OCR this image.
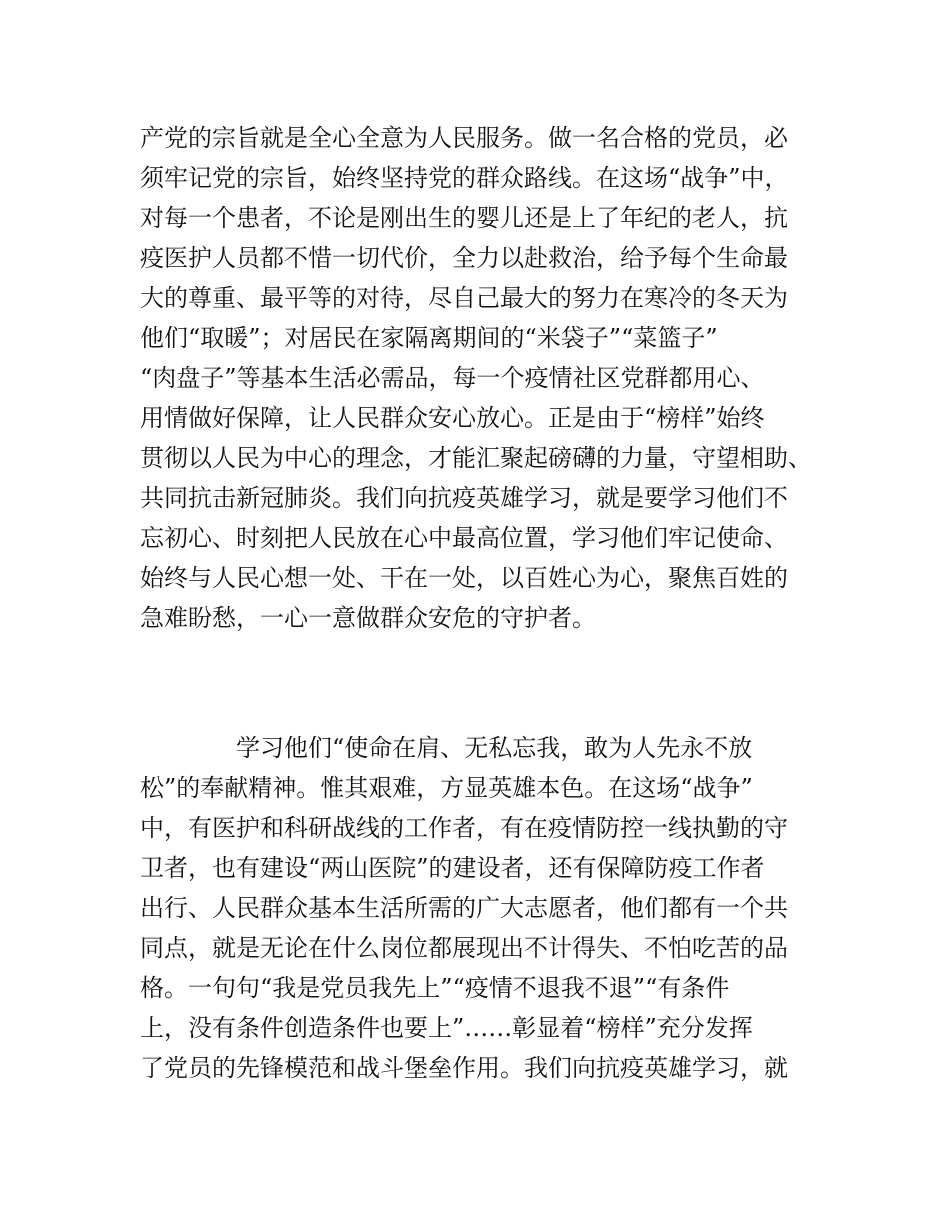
产党的宗旨就是全心全意为人民服务。做一名合格的党员，必
须牢记党的宗旨，始终坚持党的群众路线。在这场“战争”中，
对每一个患者，不论是刚出生的婴儿还是上了年纪的老人，抗
疫医护人员都不惜一切代价，全力以赴救治，给予每个生命最
大的尊重、最平等的对待，尽自己最大的努力在寒冷的冬天为
他们“取暖”；对居民在家隔离期间的“米袋子”“菜篮子”
“肉盘子”等基本生活必需品，每一个疫情社区党群都用心、
用情做好保障，让人民群众安心放心。正是由于“榜样”始终
贯彻以人民为中心的理念，才能汇聚起磅礴的力量，守望相助、
共同抗击新冠肺炎。我们向抗疫英雄学习，就是要学习他们不
忘初心、时刻把人民放在心中最高位置，学习他们牢记使命、
始终与人民心想一处、干在一处，以百姓心为心，聚焦百姓的
急难盼愁，一心一意做群众安危的守护者。
学习他们“使命在肩、无私忘我，敢为人先永不放
松”的奉献精神。惟其艰难，方显英雄本色。在这场“战争”
中，有医护和科研战线的工作者，有在疫情防控一线执勤的守
卫者，也有建设“两山医院”的建设者，还有保障防疫工作者
出行、人民群众基本生活所需的广大志愿者，他们都有一个共
同点，就是无论在什么岗位都展现出不计得失、不怕吃苦的品
格。一句句“我是党员我先上”“疫情不退我不退”“有条件
上，没有条件创造条件也要上”……彰显着“榜样”充分发挥
了党员的先锋模范和战斗堡垒作用。我们向抗疫英雄学习，就
